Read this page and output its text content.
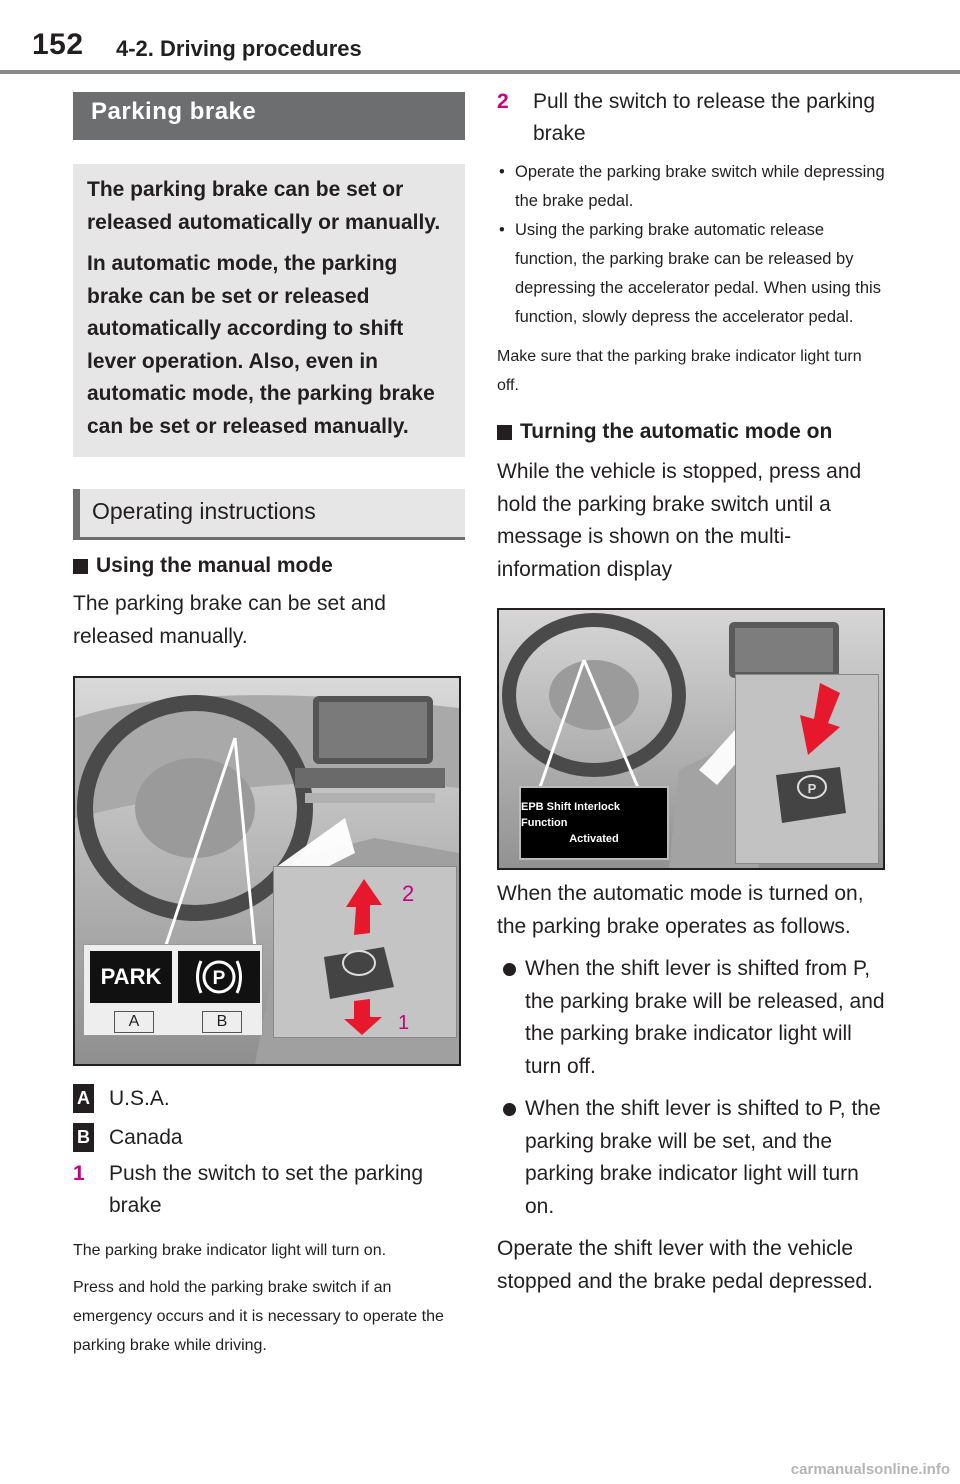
152 4-2. Driving procedures
Parking brake

The parking brake can be set or released automatically or manually.

In automatic mode, the parking brake can be set or released automatically according to shift lever operation. Also, even in automatic mode, the parking brake can be set or released manually.

Operating instructions
Using the manual mode

The parking brake can be set and released manually.

PARK	P
A	B
2
1
A U.S.A.
B Canada
1	Push the switch to set the parking brake

The parking brake indicator light will turn on.

Press and hold the parking brake switch if an emergency occurs and it is necessary to operate the parking brake while driving.

2	Pull the switch to release the parking brake
• Operate the parking brake switch while depressing the brake pedal.
• Using the parking brake automatic release function, the parking brake can be released by depressing the accelerator pedal. When using this function, slowly depress the accelerator pedal.

Make sure that the parking brake indicator light turn off.

Turning the automatic mode on

While the vehicle is stopped, press and hold the parking brake switch until a message is shown on the multi-information display

EPB Shift Interlock Function
Activated
P

When the automatic mode is turned on, the parking brake operates as follows.

When the shift lever is shifted from P, the parking brake will be released, and the parking brake indicator light will turn off.
When the shift lever is shifted to P, the parking brake will be set, and the parking brake indicator light will turn on.

Operate the shift lever with the vehicle stopped and the brake pedal depressed.

carmanualsonline.info
